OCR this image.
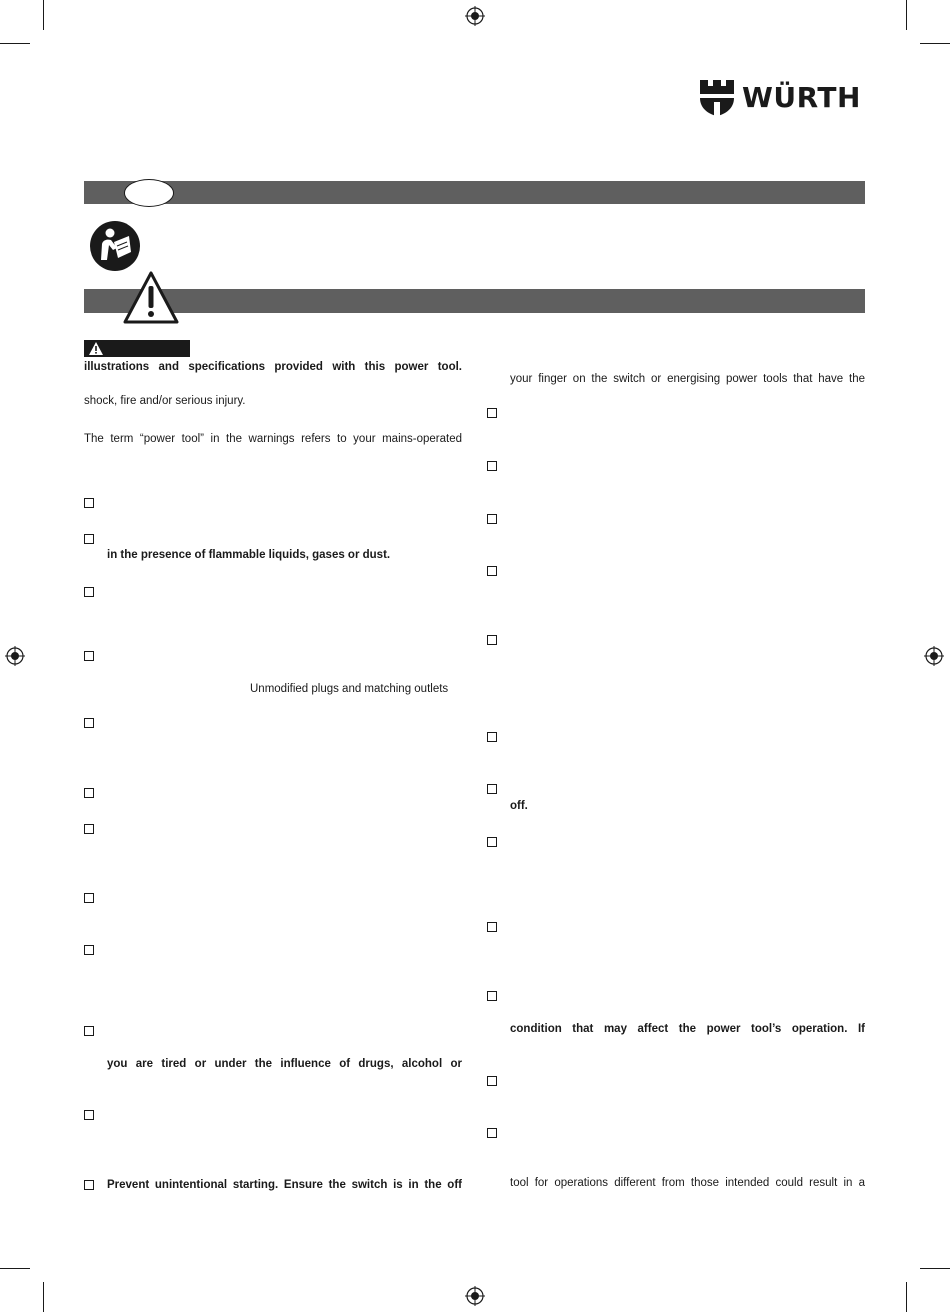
WÜRTH
illustrations and specifications provided with this power tool.
shock, fire and/or serious injury.
The term “power tool” in the warnings refers to your mains-operated
in the presence of flammable liquids, gases or dust.
Unmodified plugs and matching outlets
you are tired or under the influence of drugs, alcohol or
Prevent unintentional starting. Ensure the switch is in the off
your finger on the switch or energising power tools that have the
off.
condition that may affect the power tool’s operation. If
tool for operations different from those intended could result in a
